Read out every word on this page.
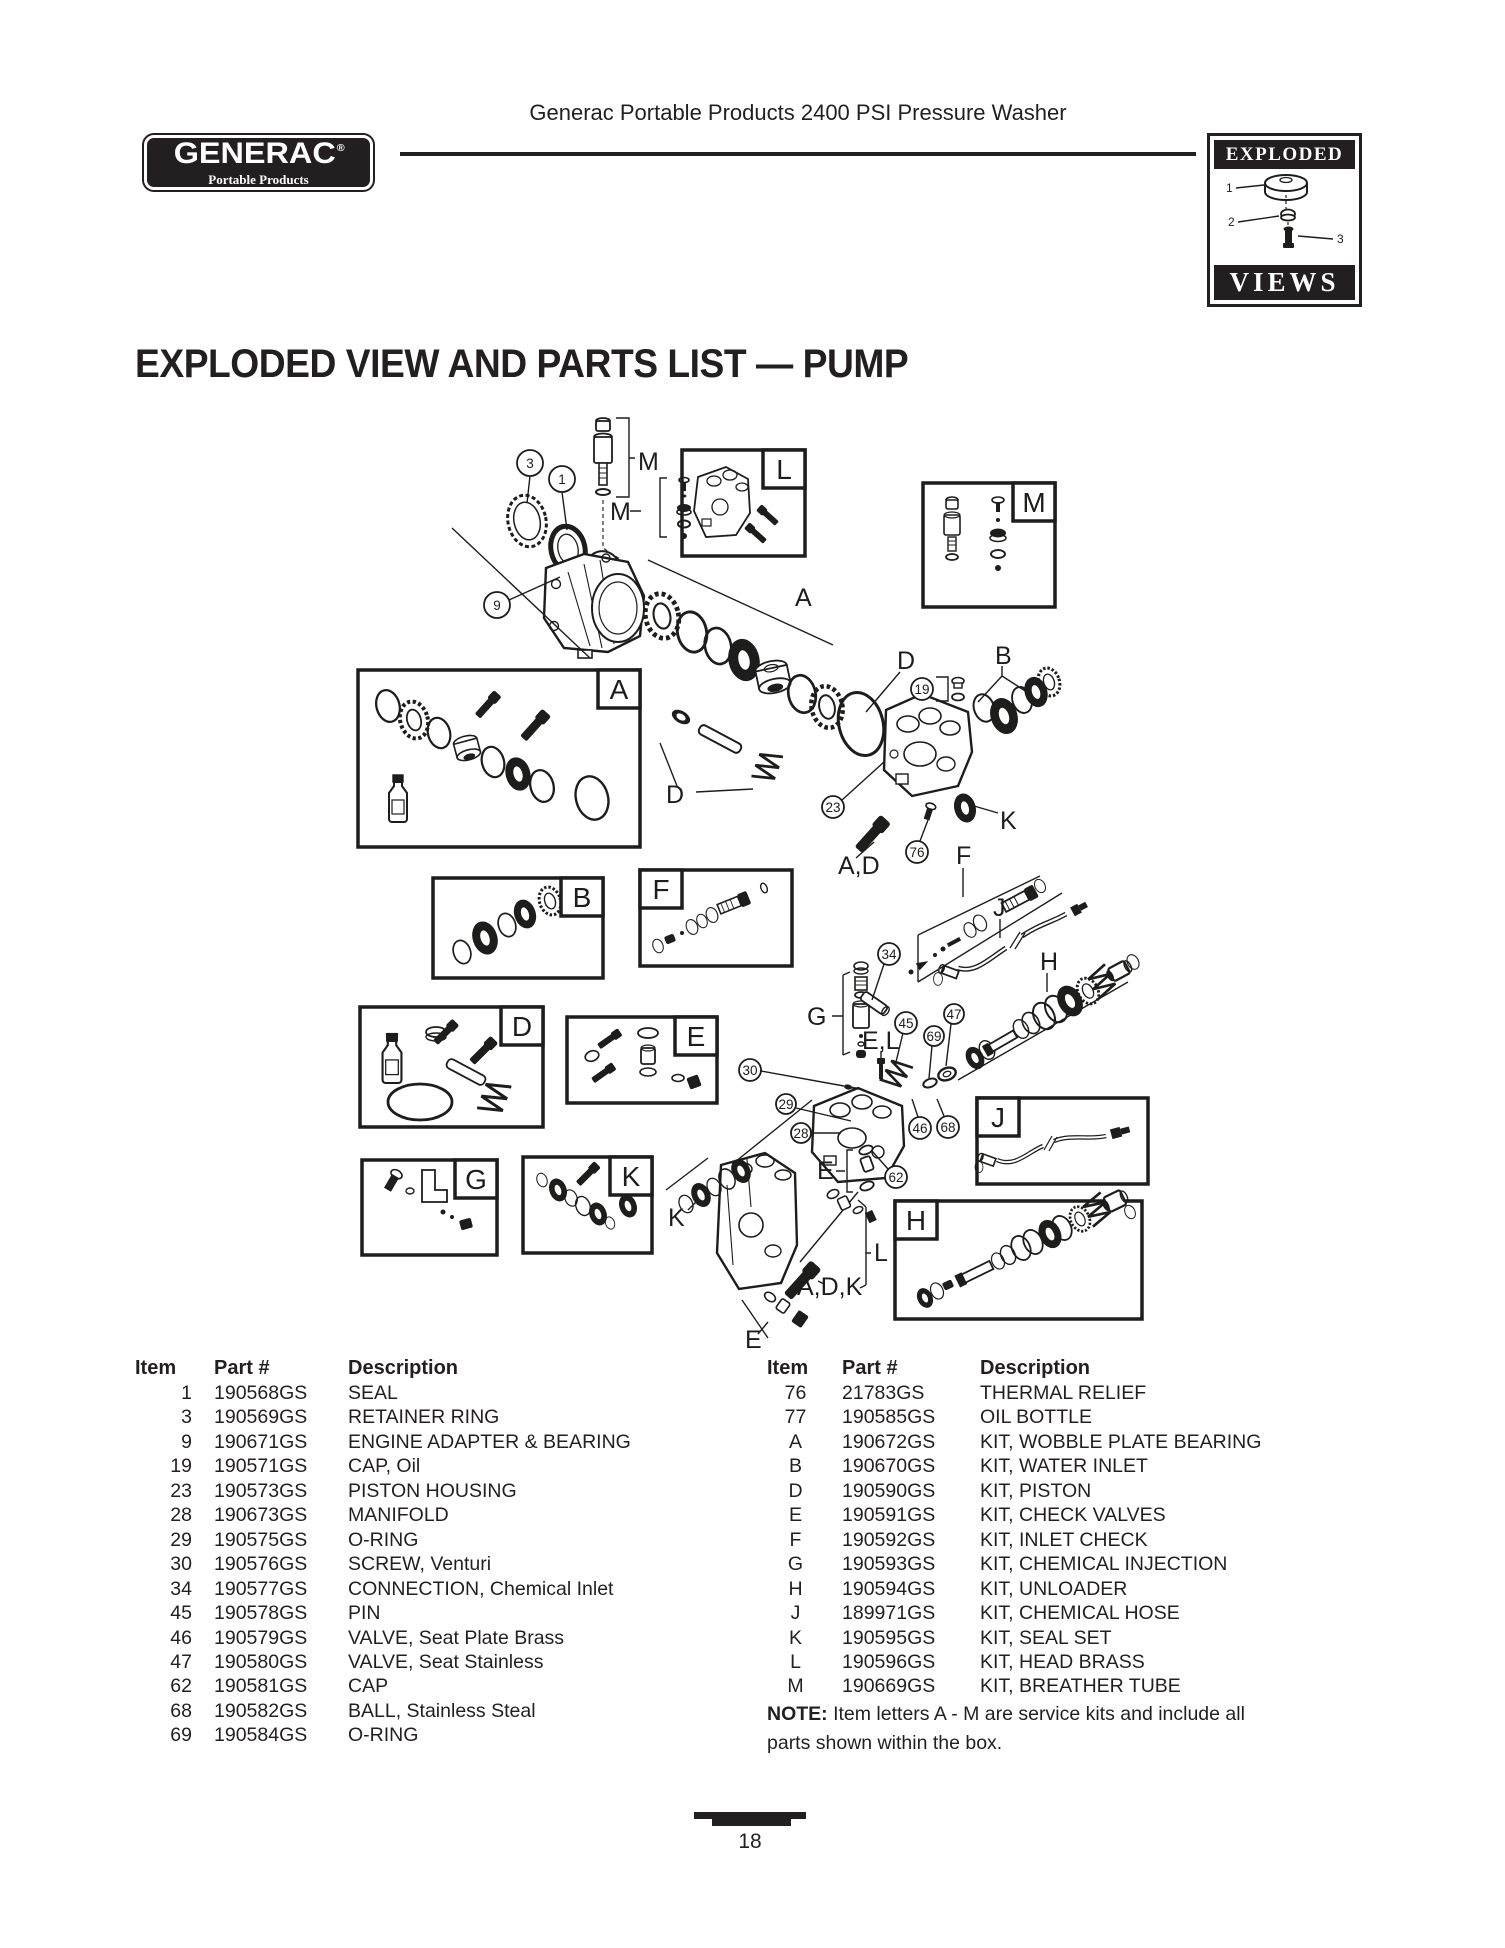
GENERAC®
Portable Products
Generac Portable Products 2400 PSI Pressure Washer
EXPLODED
1
2
3
VIEWS
EXPLODED VIEW AND PARTS LIST — PUMP
A
L
M
B F
D	E
G	K
J
H
3
1
9
19
23
76
34
45
47
69
30
29
28	46 68
62
M
M
A
D	B
D
K
A,D	F
G
E,L
J
H
K
E
E
L
A,D,K
Item	Part #	Description
1	190568GS	SEAL
3	190569GS	RETAINER RING
9	190671GS	ENGINE ADAPTER & BEARING
19	190571GS	CAP, Oil
23	190573GS	PISTON HOUSING
28	190673GS	MANIFOLD
29	190575GS	O-RING
30	190576GS	SCREW, Venturi
34	190577GS	CONNECTION, Chemical Inlet
45	190578GS	PIN
46	190579GS	VALVE, Seat Plate Brass
47	190580GS	VALVE, Seat Stainless
62	190581GS	CAP
68	190582GS	BALL, Stainless Steal
69	190584GS	O-RING
Item	Part #	Description
76	21783GS	THERMAL RELIEF
77	190585GS	OIL BOTTLE
A	190672GS	KIT, WOBBLE PLATE BEARING
B	190670GS	KIT, WATER INLET
D	190590GS	KIT, PISTON
E	190591GS	KIT, CHECK VALVES
F	190592GS	KIT, INLET CHECK
G	190593GS	KIT, CHEMICAL INJECTION
H	190594GS	KIT, UNLOADER
J	189971GS	KIT, CHEMICAL HOSE
K	190595GS	KIT, SEAL SET
L	190596GS	KIT, HEAD BRASS
M	190669GS	KIT, BREATHER TUBE

NOTE: Item letters A - M are service kits and include all parts shown within the box.

18
